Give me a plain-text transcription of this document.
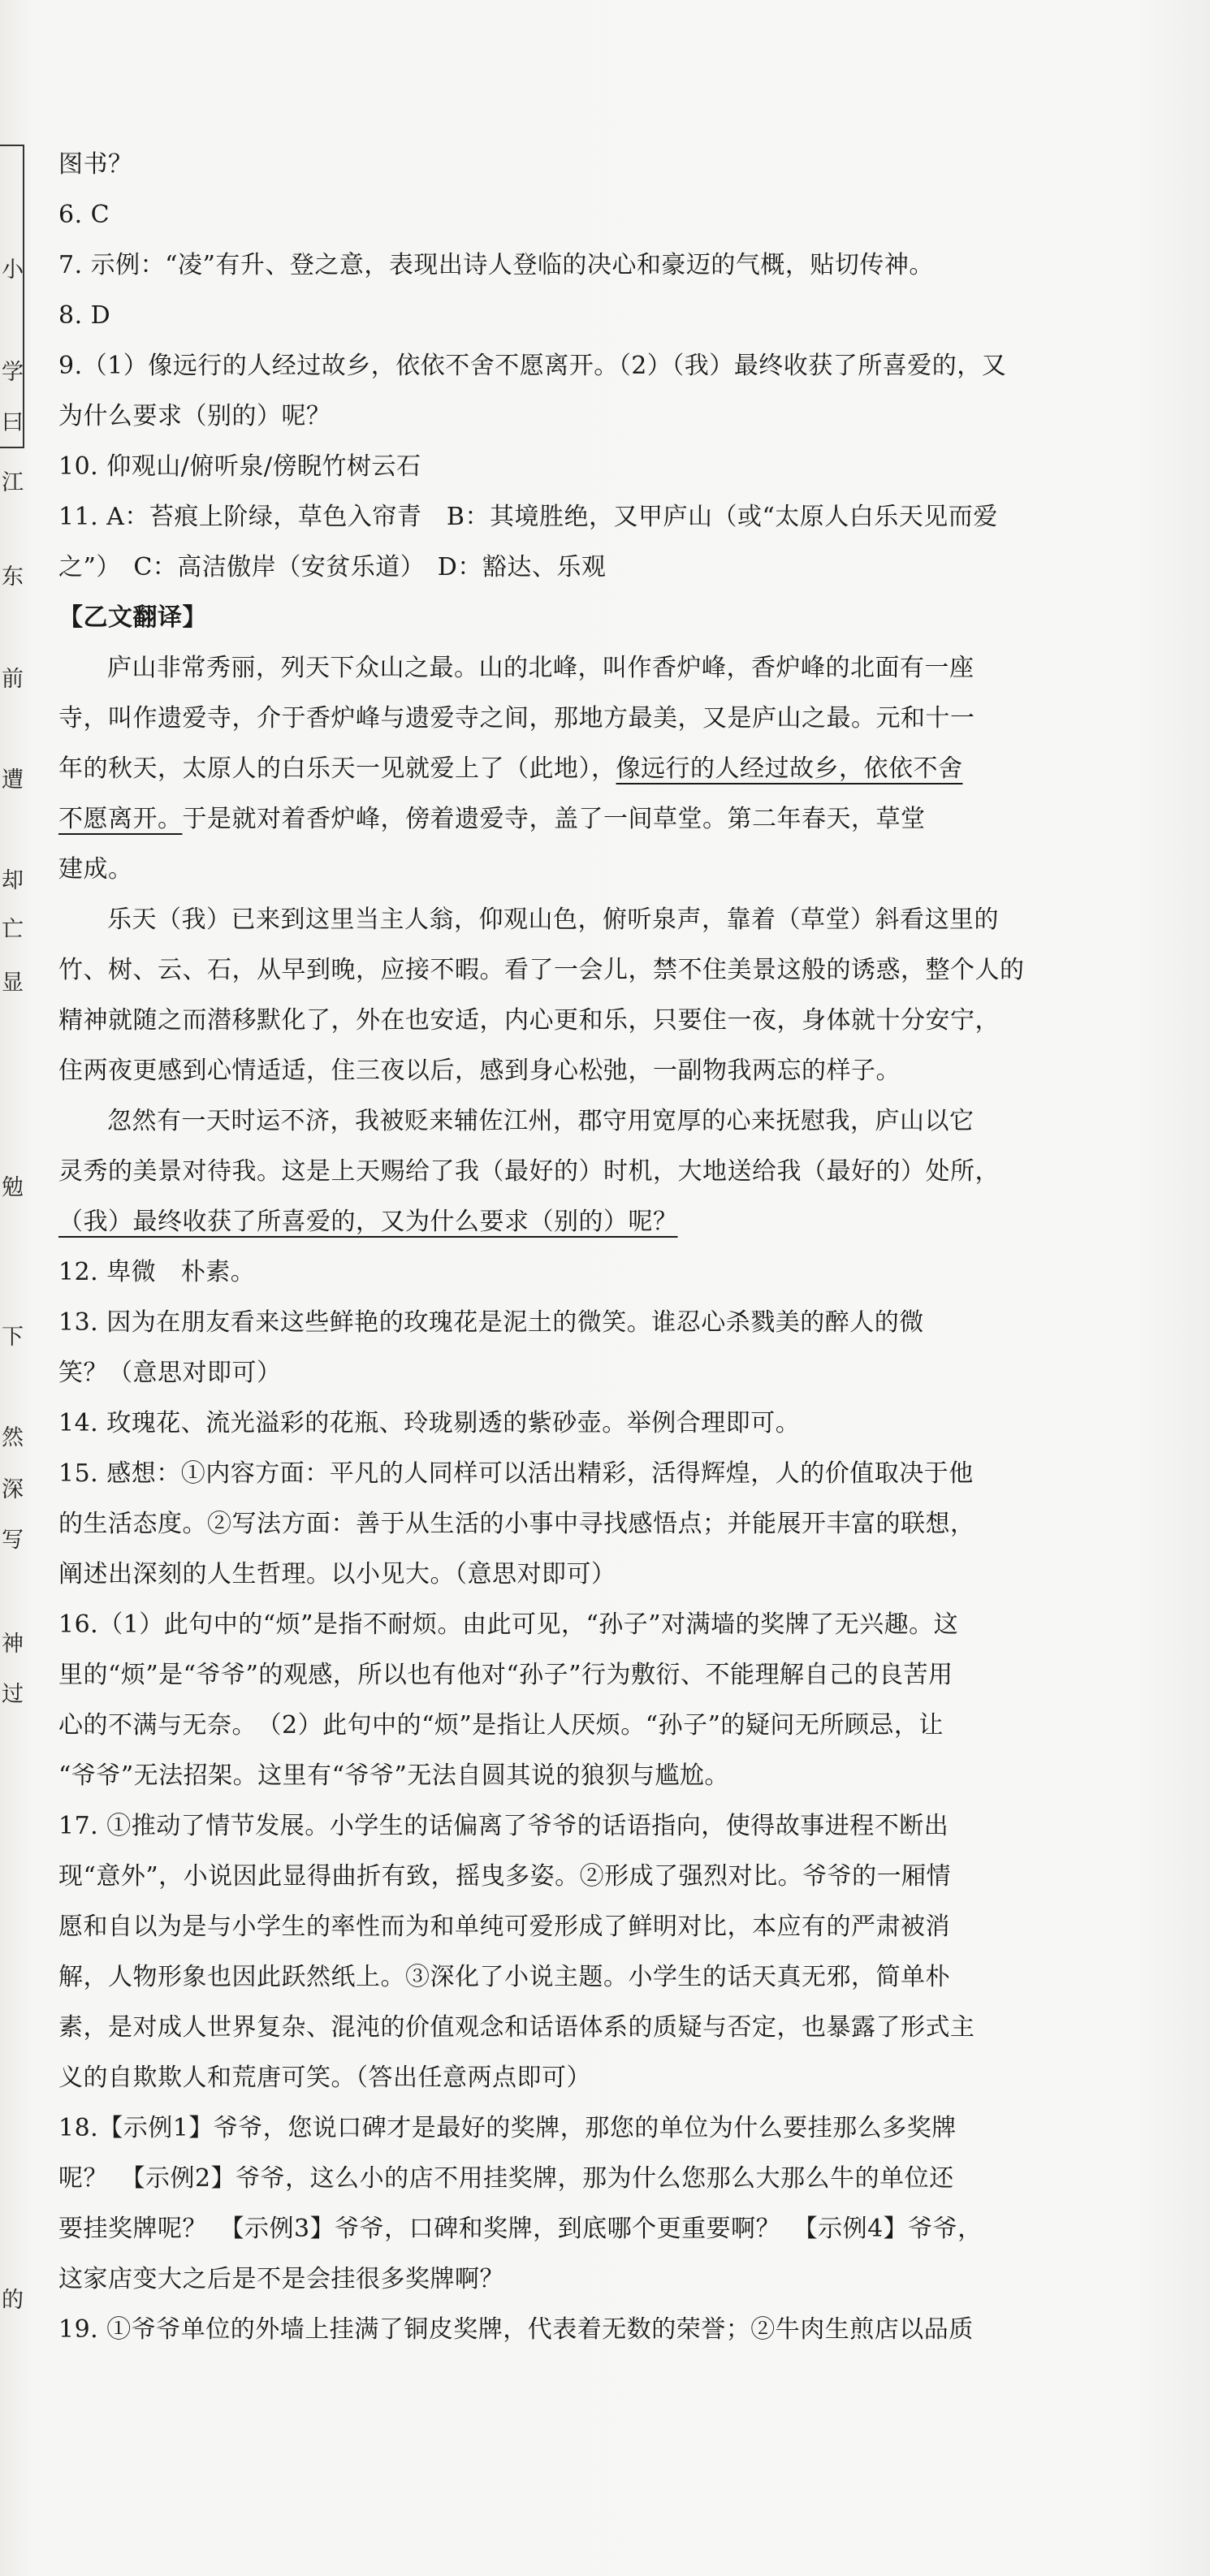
小
学
曰
江
东
前
遭
却
亡
显
勉
下
然
深
写
神
过
的
图书？
6. C
7. 示例：“凌”有升、登之意，表现出诗人登临的决心和豪迈的气概，贴切传神。
8. D
9.（1）像远行的人经过故乡，依依不舍不愿离开。（2）（我）最终收获了所喜爱的，又
为什么要求（别的）呢？
10. 仰观山/俯听泉/傍睨竹树云石
11. A：苔痕上阶绿，草色入帘青　B：其境胜绝，又甲庐山（或“太原人白乐天见而爱
之”）　C：高洁傲岸（安贫乐道）　D：豁达、乐观
【乙文翻译】
庐山非常秀丽，列天下众山之最。山的北峰，叫作香炉峰，香炉峰的北面有一座
寺，叫作遗爱寺，介于香炉峰与遗爱寺之间，那地方最美，又是庐山之最。元和十一
年的秋天，太原人的白乐天一见就爱上了（此地），像远行的人经过故乡，依依不舍
不愿离开。于是就对着香炉峰，傍着遗爱寺，盖了一间草堂。第二年春天，草堂
建成。
乐天（我）已来到这里当主人翁，仰观山色，俯听泉声，靠着（草堂）斜看这里的
竹、树、云、石，从早到晚，应接不暇。看了一会儿，禁不住美景这般的诱惑，整个人的
精神就随之而潜移默化了，外在也安适，内心更和乐，只要住一夜，身体就十分安宁，
住两夜更感到心情适适，住三夜以后，感到身心松弛，一副物我两忘的样子。
忽然有一天时运不济，我被贬来辅佐江州，郡守用宽厚的心来抚慰我，庐山以它
灵秀的美景对待我。这是上天赐给了我（最好的）时机，大地送给我（最好的）处所，
（我）最终收获了所喜爱的，又为什么要求（别的）呢？
12. 卑微　朴素。
13. 因为在朋友看来这些鲜艳的玫瑰花是泥土的微笑。谁忍心杀戮美的醉人的微
笑？（意思对即可）
14. 玫瑰花、流光溢彩的花瓶、玲珑剔透的紫砂壶。举例合理即可。
15. 感想：①内容方面：平凡的人同样可以活出精彩，活得辉煌，人的价值取决于他
的生活态度。②写法方面：善于从生活的小事中寻找感悟点；并能展开丰富的联想，
阐述出深刻的人生哲理。以小见大。（意思对即可）
16.（1）此句中的“烦”是指不耐烦。由此可见，“孙子”对满墙的奖牌了无兴趣。这
里的“烦”是“爷爷”的观感，所以也有他对“孙子”行为敷衍、不能理解自己的良苦用
心的不满与无奈。　（2）此句中的“烦”是指让人厌烦。“孙子”的疑问无所顾忌，让
“爷爷”无法招架。这里有“爷爷”无法自圆其说的狼狈与尴尬。
17. ①推动了情节发展。小学生的话偏离了爷爷的话语指向，使得故事进程不断出
现“意外”，小说因此显得曲折有致，摇曳多姿。②形成了强烈对比。爷爷的一厢情
愿和自以为是与小学生的率性而为和单纯可爱形成了鲜明对比，本应有的严肃被消
解，人物形象也因此跃然纸上。③深化了小说主题。小学生的话天真无邪，简单朴
素，是对成人世界复杂、混沌的价值观念和话语体系的质疑与否定，也暴露了形式主
义的自欺欺人和荒唐可笑。（答出任意两点即可）
18.【示例1】爷爷，您说口碑才是最好的奖牌，那您的单位为什么要挂那么多奖牌
呢？　【示例2】爷爷，这么小的店不用挂奖牌，那为什么您那么大那么牛的单位还
要挂奖牌呢？　【示例3】爷爷，口碑和奖牌，到底哪个更重要啊？　【示例4】爷爷，
这家店变大之后是不是会挂很多奖牌啊？
19. ①爷爷单位的外墙上挂满了铜皮奖牌，代表着无数的荣誉；②牛肉生煎店以品质
